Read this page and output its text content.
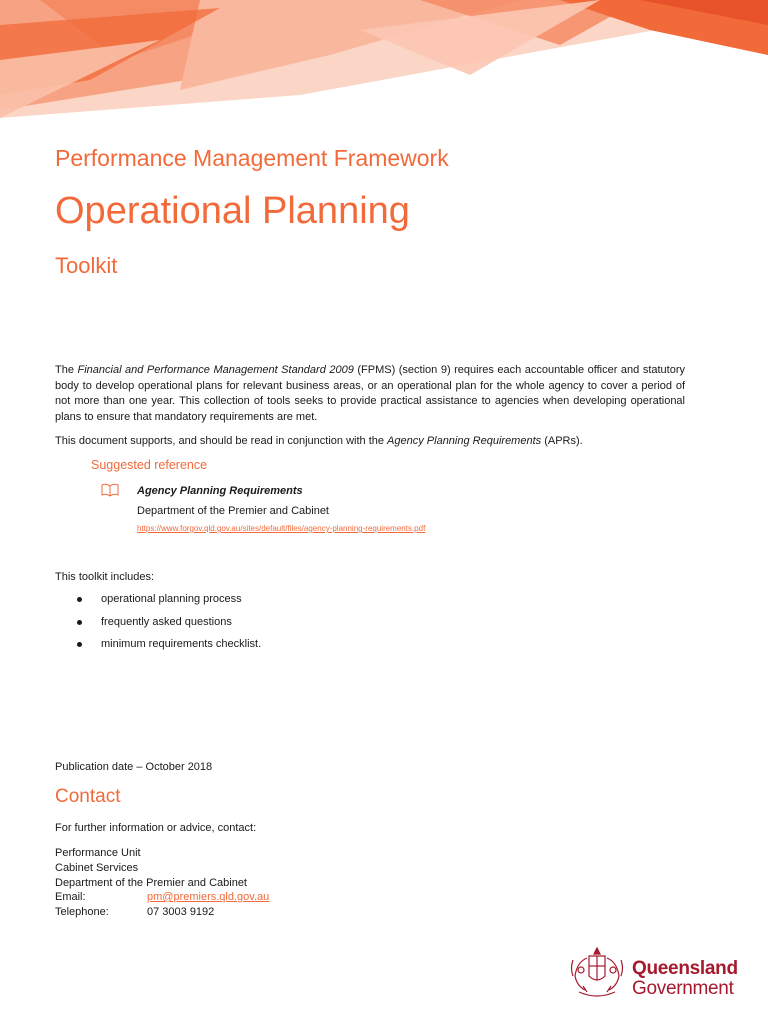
Performance Management Framework
Operational Planning
Toolkit
The Financial and Performance Management Standard 2009 (FPMS) (section 9) requires each accountable officer and statutory body to develop operational plans for relevant business areas, or an operational plan for the whole agency to cover a period of not more than one year. This collection of tools seeks to provide practical assistance to agencies when developing operational plans to ensure that mandatory requirements are met.
This document supports, and should be read in conjunction with the Agency Planning Requirements (APRs).
Suggested reference
Agency Planning Requirements
Department of the Premier and Cabinet
https://www.forgov.qld.gov.au/sites/default/files/agency-planning-requirements.pdf
This toolkit includes:
operational planning process
frequently asked questions
minimum requirements checklist.
Publication date – October 2018
Contact
For further information or advice, contact:
Performance Unit
Cabinet Services
Department of the Premier and Cabinet
Email:	pm@premiers.qld.gov.au
Telephone:	07 3003 9192
Queensland
Government
